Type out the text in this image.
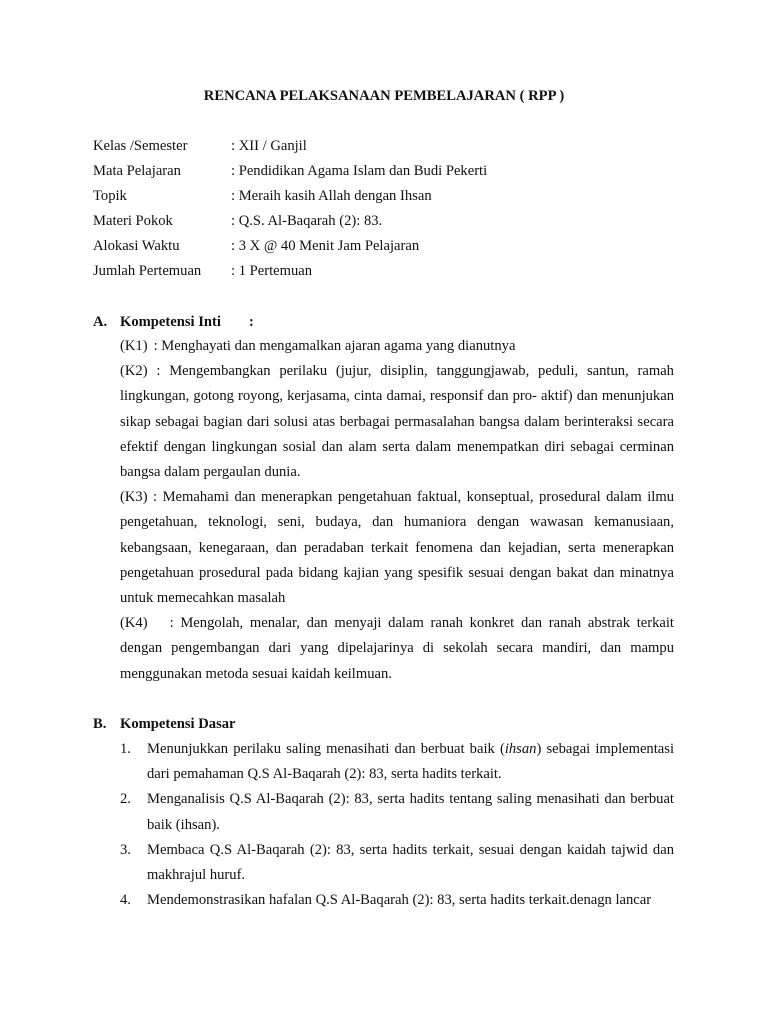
RENCANA PELAKSANAAN PEMBELAJARAN ( RPP )
Kelas /Semester	: XII / Ganjil
Mata Pelajaran	: Pendidikan Agama Islam dan Budi Pekerti
Topik	: Meraih kasih Allah dengan Ihsan
Materi Pokok	: Q.S. Al-Baqarah (2): 83.
Alokasi Waktu	: 3 X @ 40 Menit Jam Pelajaran
Jumlah Pertemuan	: 1 Pertemuan
A. Kompetensi Inti :

(K1) : Menghayati dan mengamalkan ajaran agama yang dianutnya

(K2) : Mengembangkan perilaku (jujur, disiplin, tanggungjawab, peduli, santun, ramah lingkungan, gotong royong, kerjasama, cinta damai, responsif dan pro- aktif) dan menunjukan sikap sebagai bagian dari solusi atas berbagai permasalahan bangsa dalam berinteraksi secara efektif dengan lingkungan sosial dan alam serta dalam menempatkan diri sebagai cerminan bangsa dalam pergaulan dunia.

(K3) : Memahami dan menerapkan pengetahuan faktual, konseptual, prosedural dalam ilmu pengetahuan, teknologi, seni, budaya, dan humaniora dengan wawasan kemanusiaan, kebangsaan, kenegaraan, dan peradaban terkait fenomena dan kejadian, serta menerapkan pengetahuan prosedural pada bidang kajian yang spesifik sesuai dengan bakat dan minatnya untuk memecahkan masalah

(K4) : Mengolah, menalar, dan menyaji dalam ranah konkret dan ranah abstrak terkait dengan pengembangan dari yang dipelajarinya di sekolah secara mandiri, dan mampu menggunakan metoda sesuai kaidah keilmuan.

B. Kompetensi Dasar
1.	Menunjukkan perilaku saling menasihati dan berbuat baik (ihsan) sebagai implementasi dari pemahaman Q.S Al-Baqarah (2): 83, serta hadits terkait.
2.	Menganalisis Q.S Al-Baqarah (2): 83, serta hadits tentang saling menasihati dan berbuat baik (ihsan).
3.	Membaca Q.S Al-Baqarah (2): 83, serta hadits terkait, sesuai dengan kaidah tajwid dan makhrajul huruf.
4.	Mendemonstrasikan hafalan Q.S Al-Baqarah (2): 83, serta hadits terkait.denagn lancar
